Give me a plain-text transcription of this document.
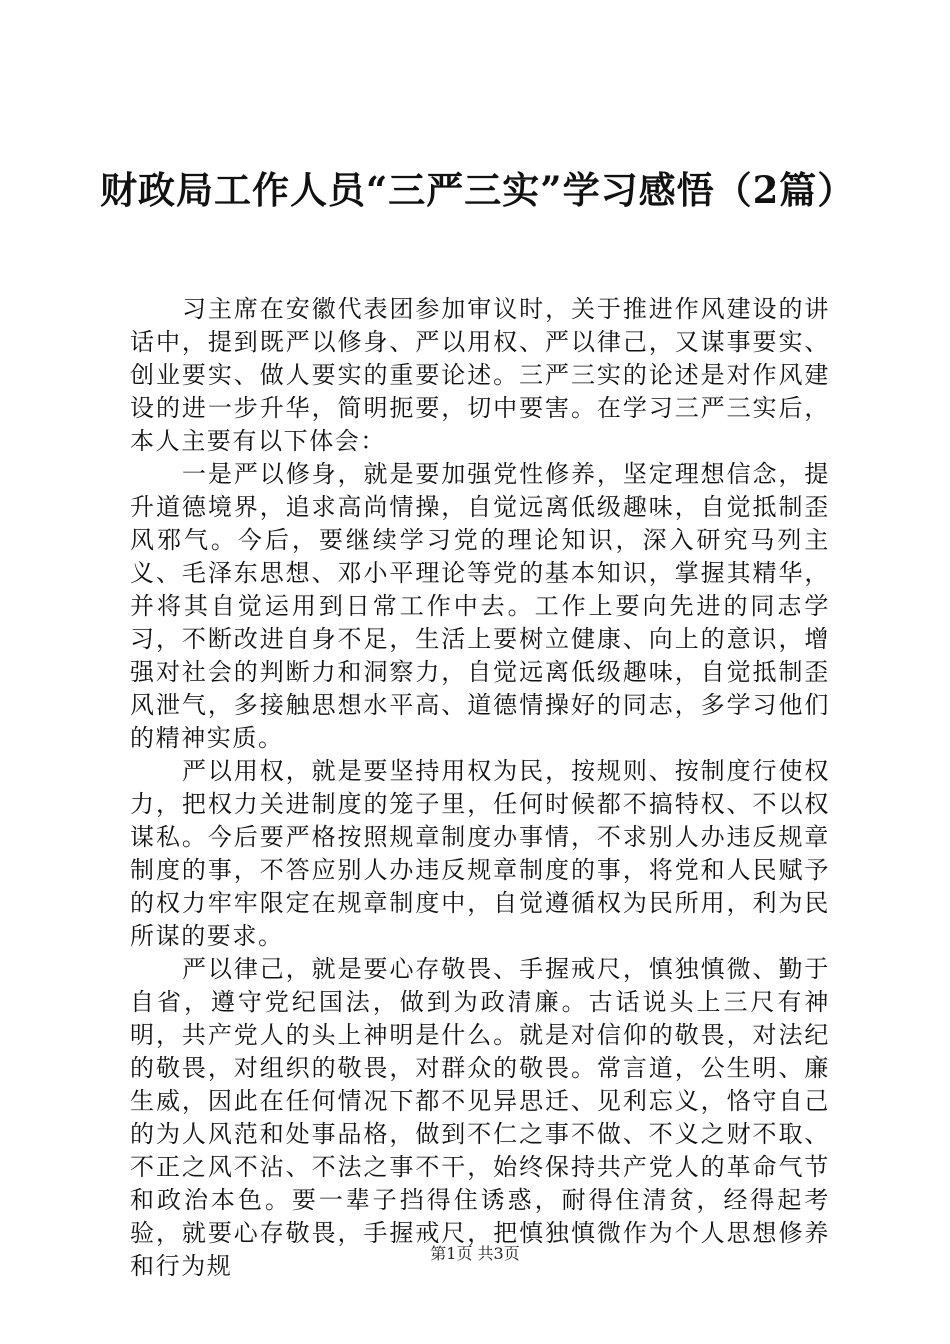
财政局工作人员“三严三实”学习感悟（2篇）

习主席在安徽代表团参加审议时，关于推进作风建设的讲话中，提到既严以修身、严以用权、严以律己，又谋事要实、创业要实、做人要实的重要论述。三严三实的论述是对作风建设的进一步升华，简明扼要，切中要害。在学习三严三实后，本人主要有以下体会：

一是严以修身，就是要加强党性修养，坚定理想信念，提升道德境界，追求高尚情操，自觉远离低级趣味，自觉抵制歪风邪气。今后，要继续学习党的理论知识，深入研究马列主义、毛泽东思想、邓小平理论等党的基本知识，掌握其精华，并将其自觉运用到日常工作中去。工作上要向先进的同志学习，不断改进自身不足，生活上要树立健康、向上的意识，增强对社会的判断力和洞察力，自觉远离低级趣味，自觉抵制歪风泄气，多接触思想水平高、道德情操好的同志，多学习他们的精神实质。

严以用权，就是要坚持用权为民，按规则、按制度行使权力，把权力关进制度的笼子里，任何时候都不搞特权、不以权谋私。今后要严格按照规章制度办事情，不求别人办违反规章制度的事，不答应别人办违反规章制度的事，将党和人民赋予的权力牢牢限定在规章制度中，自觉遵循权为民所用，利为民所谋的要求。

严以律己，就是要心存敬畏、手握戒尺，慎独慎微、勤于自省，遵守党纪国法，做到为政清廉。古话说头上三尺有神明，共产党人的头上神明是什么。就是对信仰的敬畏，对法纪的敬畏，对组织的敬畏，对群众的敬畏。常言道，公生明、廉生威，因此在任何情况下都不见异思迁、见利忘义，恪守自己的为人风范和处事品格，做到不仁之事不做、不义之财不取、不正之风不沾、不法之事不干，始终保持共产党人的革命气节和政治本色。要一辈子挡得住诱惑，耐得住清贫，经得起考验，就要心存敬畏，手握戒尺，把慎独慎微作为个人思想修养和行为规	第1页 共3页
